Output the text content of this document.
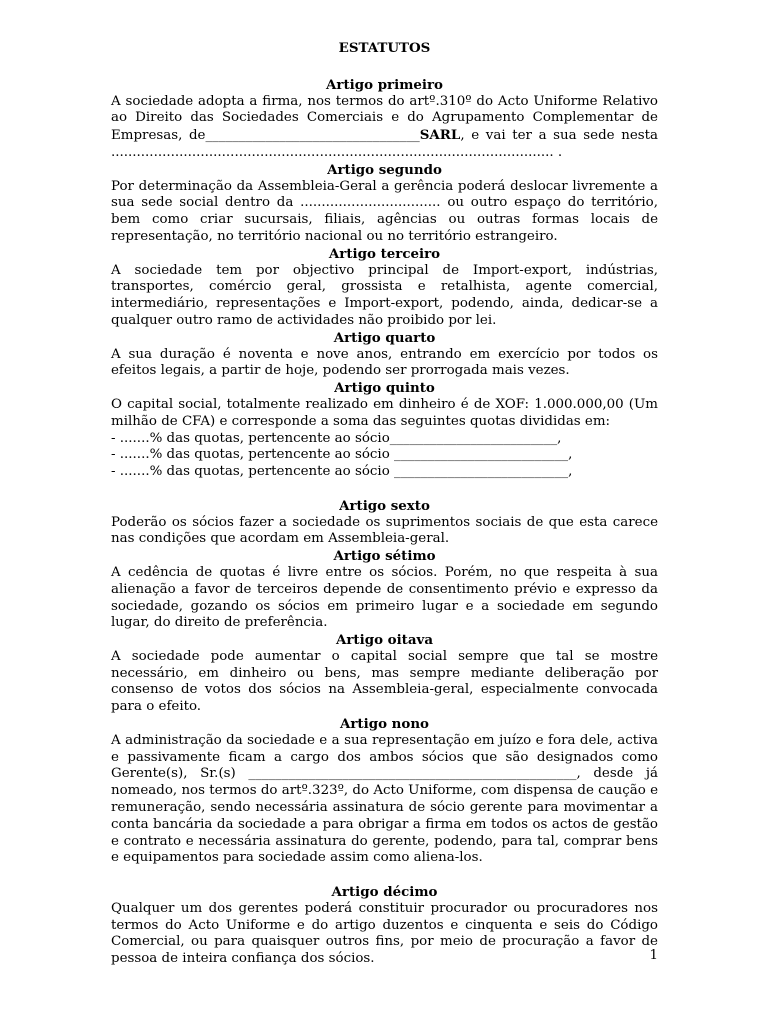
ESTATUTOS

Artigo primeiro

A sociedade adopta a firma, nos termos do artº.310º do Acto Uniforme Relativo ao Direito das Sociedades Comerciais e do Agrupamento Complementar de Empresas, de________________________________SARL, e vai ter a sua sede nesta

........................................................................................................ .

Artigo segundo

Por determinação da Assembleia-Geral a gerência poderá deslocar livremente a sua sede social dentro da ................................. ou outro espaço do território, bem como criar sucursais, filiais, agências ou outras formas locais de representação, no território nacional ou no território estrangeiro.

Artigo terceiro

A sociedade tem por objectivo principal de Import-export, indústrias, transportes, comércio geral, grossista e retalhista, agente comercial, intermediário, representações e Import-export, podendo, ainda, dedicar-se a qualquer outro ramo de actividades não proibido por lei.

Artigo quarto

A sua duração é noventa e nove anos, entrando em exercício por todos os efeitos legais, a partir de hoje, podendo ser prorrogada mais vezes.

Artigo quinto

O capital social, totalmente realizado em dinheiro é de XOF: 1.000.000,00 (Um milhão de CFA) e corresponde a soma das seguintes quotas divididas em:

- .......% das quotas, pertencente ao sócio_________________________,

- .......% das quotas, pertencente ao sócio __________________________,

- .......% das quotas, pertencente ao sócio __________________________,

Artigo sexto

Poderão os sócios fazer a sociedade os suprimentos sociais de que esta carece nas condições que acordam em Assembleia-geral.

Artigo sétimo

A cedência de quotas é livre entre os sócios. Porém, no que respeita à sua alienação a favor de terceiros depende de consentimento prévio e expresso da sociedade, gozando os sócios em primeiro lugar e a sociedade em segundo lugar, do direito de preferência.

Artigo oitava

A sociedade pode aumentar o capital social sempre que tal se mostre necessário, em dinheiro ou bens, mas sempre mediante deliberação por consenso de votos dos sócios na Assembleia-geral, especialmente convocada para o efeito.

Artigo nono

A administração da sociedade e a sua representação em juízo e fora dele, activa e passivamente ficam a cargo dos ambos sócios que são designados como Gerente(s), Sr.(s) _________________________________________________, desde já nomeado, nos termos do artº.323º, do Acto Uniforme, com dispensa de caução e remuneração, sendo necessária assinatura de sócio gerente para movimentar a conta bancária da sociedade a para obrigar a firma em todos os actos de gestão e contrato e necessária assinatura do gerente, podendo, para tal, comprar bens e equipamentos para sociedade assim como aliena-los.

Artigo décimo

Qualquer um dos gerentes poderá constituir procurador ou procuradores nos termos do Acto Uniforme e do artigo duzentos e cinquenta e seis do Código Comercial, ou para quaisquer outros fins, por meio de procuração a favor de pessoa de inteira confiança dos sócios.	1
